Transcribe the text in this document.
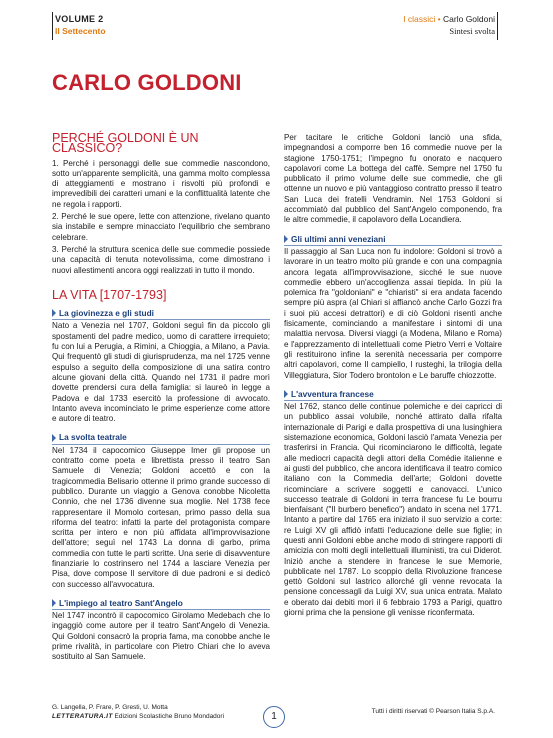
VOLUME 2
Il Settecento
I classici • Carlo Goldoni
Sintesi svolta
CARLO GOLDONI
PERCHÉ GOLDONI È UN CLASSICO?

1. Perché i personaggi delle sue commedie nascondono, sotto un'apparente semplicità, una gamma molto complessa di atteggiamenti e mostrano i risvolti più profondi e imprevedibili dei caratteri umani e la conflittualità latente che ne regola i rapporti.

2. Perché le sue opere, lette con attenzione, rivelano quanto sia instabile e sempre minacciato l'equilibrio che sembrano celebrare.

3. Perché la struttura scenica delle sue commedie possiede una capacità di tenuta notevolissima, come dimostrano i nuovi allestimenti ancora oggi realizzati in tutto il mondo.

LA VITA [1707-1793]
La giovinezza e gli studi

Nato a Venezia nel 1707, Goldoni seguì fin da piccolo gli spostamenti del padre medico, uomo di carattere irrequieto; fu con lui a Perugia, a Rimini, a Chioggia, a Milano, a Pavia. Qui frequentò gli studi di giurisprudenza, ma nel 1725 venne espulso a seguito della composizione di una satira contro alcune giovani della città. Quando nel 1731 il padre morì dovette prendersi cura della famiglia: si laureò in legge a Padova e dal 1733 esercitò la professione di avvocato. Intanto aveva incominciato le prime esperienze come attore e autore di teatro.

La svolta teatrale

Nel 1734 il capocomico Giuseppe Imer gli propose un contratto come poeta e librettista presso il teatro San Samuele di Venezia; Goldoni accettò e con la tragicommedia Belisario ottenne il primo grande successo di pubblico. Durante un viaggio a Genova conobbe Nicoletta Connio, che nel 1736 divenne sua moglie. Nel 1738 fece rappresentare il Momolo cortesan, primo passo della sua riforma del teatro: infatti la parte del protagonista compare scritta per intero e non più affidata all'improvvisazione dell'attore; seguì nel 1743 La donna di garbo, prima commedia con tutte le parti scritte. Una serie di disavventure finanziarie lo costrinsero nel 1744 a lasciare Venezia per Pisa, dove compose Il servitore di due padroni e si dedicò con successo all'avvocatura.

L'impiego al teatro Sant'Angelo

Nel 1747 incontrò il capocomico Girolamo Medebach che lo ingaggiò come autore per il teatro Sant'Angelo di Venezia. Qui Goldoni consacrò la propria fama, ma conobbe anche le prime rivalità, in particolare con Pietro Chiari che lo aveva sostituito al San Samuele.

Per tacitare le critiche Goldoni lanciò una sfida, impegnandosi a comporre ben 16 commedie nuove per la stagione 1750-1751; l'impegno fu onorato e nacquero capolavori come La bottega del caffè. Sempre nel 1750 fu pubblicato il primo volume delle sue commedie, che gli ottenne un nuovo e più vantaggioso contratto presso il teatro San Luca dei fratelli Vendramin. Nel 1753 Goldoni si accommiatò dal pubblico del Sant'Angelo componendo, fra le altre commedie, il capolavoro della Locandiera.

Gli ultimi anni veneziani

Il passaggio al San Luca non fu indolore: Goldoni si trovò a lavorare in un teatro molto più grande e con una compagnia ancora legata all'improvvisazione, sicché le sue nuove commedie ebbero un'accoglienza assai tiepida. In più la polemica fra "goldoniani" e "chiaristi" si era andata facendo sempre più aspra (al Chiari si affiancò anche Carlo Gozzi fra i suoi più accesi detrattori) e di ciò Goldoni risentì anche fisicamente, cominciando a manifestare i sintomi di una malattia nervosa. Diversi viaggi (a Modena, Milano e Roma) e l'apprezzamento di intellettuali come Pietro Verri e Voltaire gli restituirono infine la serenità necessaria per comporre altri capolavori, come Il campiello, I rusteghi, la trilogia della Villeggiatura, Sior Todero brontolon e Le baruffe chiozzotte.

L'avventura francese

Nel 1762, stanco delle continue polemiche e dei capricci di un pubblico assai volubile, nonché attirato dalla rifalta internazionale di Parigi e dalla prospettiva di una lusinghiera sistemazione economica, Goldoni lasciò l'amata Venezia per trasferirsi in Francia. Qui ricominciarono le difficoltà, legate alle mediocri capacità degli attori della Comédie italienne e ai gusti del pubblico, che ancora identificava il teatro comico italiano con la Commedia dell'arte; Goldoni dovette ricominciare a scrivere soggetti e canovacci. L'unico successo teatrale di Goldoni in terra francese fu Le bourru bienfaisant ("Il burbero benefico") andato in scena nel 1771. Intanto a partire dal 1765 era iniziato il suo servizio a corte: re Luigi XV gli affidò infatti l'educazione delle sue figlie; in questi anni Goldoni ebbe anche modo di stringere rapporti di amicizia con molti degli intellettuali illuministi, tra cui Diderot. Iniziò anche a stendere in francese le sue Memorie, pubblicate nel 1787. Lo scoppio della Rivoluzione francese gettò Goldoni sul lastrico allorché gli venne revocata la pensione concessagli da Luigi XV, sua unica entrata. Malato e oberato dai debiti morì il 6 febbraio 1793 a Parigi, quattro giorni prima che la pensione gli venisse riconfermata.

G. Langella, P. Frare, P. Gresti, U. Motta
LETTERATURA.IT Edizioni Scolastiche Bruno Mondadori	1	Tutti i diritti riservati © Pearson Italia S.p.A.
